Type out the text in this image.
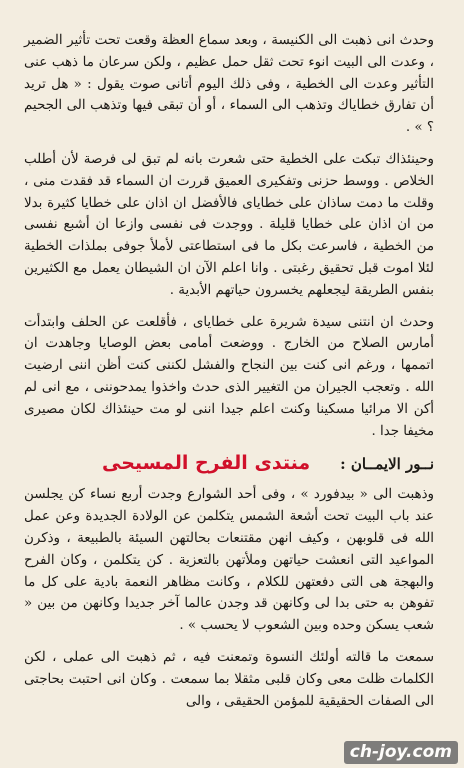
وحدث انى ذهبت الى الكنيسة ، وبعد سماع العظة وقعت تحت تأثير الضمير ، وعدت الى البيت انوء تحت ثقل حمل عظيم ، ولكن سرعان ما ذهب عنى التأثير وعدت الى الخطية ، وفى ذلك اليوم أتانى صوت يقول : « هل تريد أن تفارق خطاياك وتذهب الى السماء ، أو أن تبقى فيها وتذهب الى الجحيم ؟ » .

وحينئذاك تبكت على الخطية حتى شعرت بانه لم تبق لى فرصة لأن أطلب الخلاص . ووسط حزنى وتفكيرى العميق قررت ان السماء قد فقدت منى ، وقلت ما دمت ساذان على خطاياى فالأفضل ان اذان على خطايا كثيرة بدلا من ان اذان على خطايا قليلة . ووجدت فى نفسى وازعا ان أشبع نفسى من الخطية ، فاسرعت بكل ما فى استطاعتى لأملأ جوفى بملذات الخطية لئلا اموت قبل تحقيق رغبتى . وانا اعلم الآن ان الشيطان يعمل مع الكثيرين بنفس الطريقة ليجعلهم يخسرون حياتهم الأبدية .

وحدث ان انتنى سيدة شريرة على خطاياى ، فأقلعت عن الحلف وابتدأت أمارس الصلاح من الخارج . ووضعت أمامى بعض الوصايا وجاهدت ان اتممها ، ورغم انى كنت بين النجاح والفشل لكننى كنت أظن اننى ارضيت الله . وتعجب الجيران من التغيير الذى حدث واخذوا يمدحوننى ، مع انى لم أكن الا مرائيا مسكينا وكنت اعلم جيدا اننى لو مت حينئذاك لكان مصيرى مخيفا جدا .

نــور الايمــان :
منتدى الفرح المسيحى

وذهبت الى « بيدفورد » ، وفى أحد الشوارع وجدت أربع نساء كن يجلسن عند باب البيت تحت أشعة الشمس يتكلمن عن الولادة الجديدة وعن عمل الله فى قلوبهن ، وكيف انهن مقتنعات بحالتهن السيئة بالطبيعة ، وذكرن المواعيد التى انعشت حياتهن وملأتهن بالتعزية . كن يتكلمن ، وكان الفرح والبهجة هى التى دفعتهن للكلام ، وكانت مظاهر النعمة بادية على كل ما تفوهن به حتى بدا لى وكانهن قد وجدن عالما آخر جديدا وكانهن من بين « شعب يسكن وحده وبين الشعوب لا يحسب » .

سمعت ما قالته أولئك النسوة وتمعنت فيه ، ثم ذهبت الى عملى ، لكن الكلمات ظلت معى وكان قلبى مثقلا بما سمعت . وكان انى احتبت بحاجتى الى الصفات الحقيقية للمؤمن الحقيقى ، والى

ch-joy.com
